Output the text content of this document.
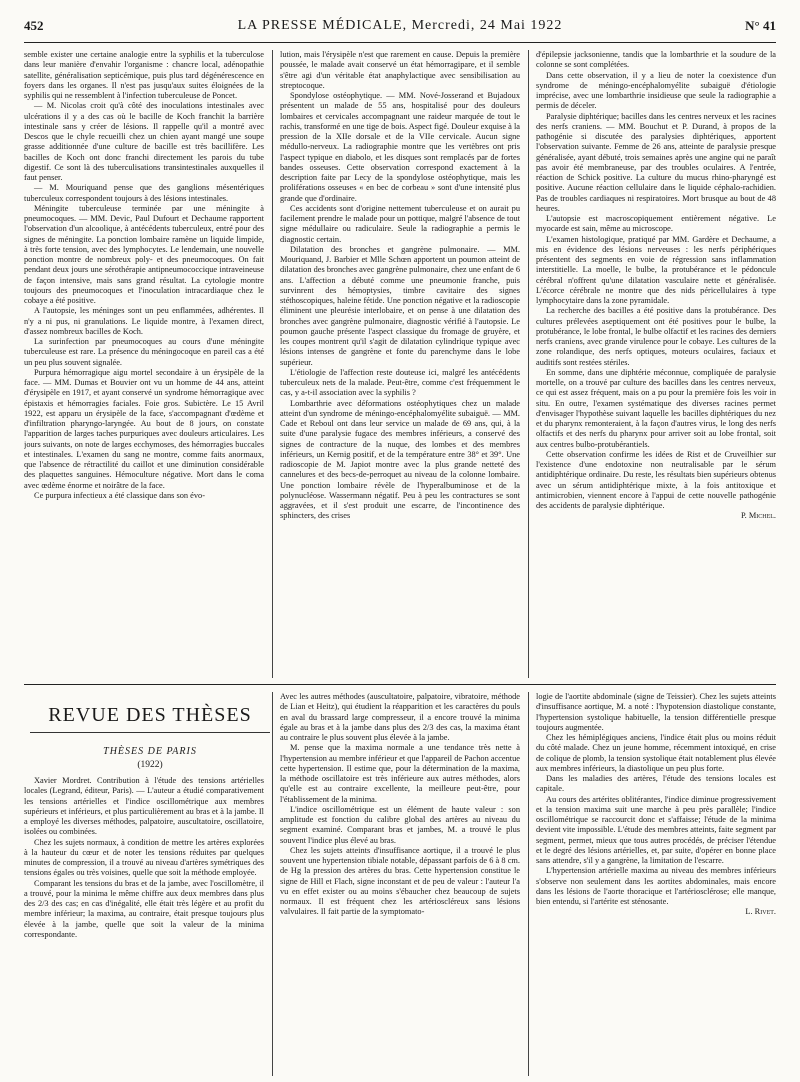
452	LA PRESSE MÉDICALE, Mercredi, 24 Mai 1922	N° 41

semble exister une certaine analogie entre la syphilis et la tuberculose dans leur manière d'envahir l'organisme : chancre local, adénopathie satellite, généralisation septicémique, puis plus tard dégénérescence en foyers dans les organes. Il n'est pas jusqu'aux suites éloignées de la syphilis qui ne ressemblent à l'infection tuberculeuse de Poncet.

— M. Nicolas croit qu'à côté des inoculations intestinales avec ulcérations il y a des cas où le bacille de Koch franchit la barrière intestinale sans y créer de lésions. Il rappelle qu'il a montré avec Descos que le chyle recueilli chez un chien ayant mangé une soupe grasse additionnée d'une culture de bacille est très bacillifère. Les bacilles de Koch ont donc franchi directement les parois du tube digestif. Ce sont là des tuberculisations transintestinales auxquelles il faut penser.

— M. Mouriquand pense que des ganglions mésentériques tuberculeux correspondent toujours à des lésions intestinales.

Méningite tuberculeuse terminée par une méningite à pneumocoques. — MM. Devic, Paul Dufourt et Dechaume rapportent l'observation d'un alcoolique, à antécédents tuberculeux, entré pour des signes de méningite. La ponction lombaire ramène un liquide limpide, à très forte tension, avec des lymphocytes. Le lendemain, une nouvelle ponction montre de nombreux poly- et des pneumocoques. On fait pendant deux jours une sérothérapie antipneumococcique intraveineuse de façon intensive, mais sans grand résultat. La cytologie montre toujours des pneumocoques et l'inoculation intracardiaque chez le cobaye a été positive.

A l'autopsie, les méninges sont un peu enflammées, adhérentes. Il n'y a ni pus, ni granulations. Le liquide montre, à l'examen direct, d'assez nombreux bacilles de Koch.

La surinfection par pneumocoques au cours d'une méningite tuberculeuse est rare. La présence du méningocoque en pareil cas a été un peu plus souvent signalée.

Purpura hémorragique aigu mortel secondaire à un érysipèle de la face. — MM. Dumas et Bouvier ont vu un homme de 44 ans, atteint d'érysipèle en 1917, et ayant conservé un syndrome hémorragique avec épistaxis et hémorragies faciales. Foie gros. Subictère. Le 15 Avril 1922, est apparu un érysipèle de la face, s'accompagnant d'œdème et d'infiltration pharyngo-laryngée. Au bout de 8 jours, on constate l'apparition de larges taches purpuriques avec douleurs articulaires. Les jours suivants, on note de larges ecchymoses, des hémorragies buccales et intestinales. L'examen du sang ne montre, comme faits anormaux, que l'absence de rétractilité du caillot et une diminution considérable des plaquettes sanguines. Hémoculture négative. Mort dans le coma avec œdème énorme et noirâtre de la face.

Ce purpura infectieux a été classique dans son évo-

lution, mais l'érysipèle n'est que rarement en cause. Depuis la première poussée, le malade avait conservé un état hémorragipare, et il semble s'être agi d'un véritable état anaphylactique avec sensibilisation au streptocoque.

Spondylose ostéophytique. — MM. Nové-Josserand et Bujadoux présentent un malade de 55 ans, hospitalisé pour des douleurs lombaires et cervicales accompagnant une raideur marquée de tout le rachis, transformé en une tige de bois. Aspect figé. Douleur exquise à la pression de la XIIe dorsale et de la VIIe cervicale. Aucun signe médullo-nerveux. La radiographie montre que les vertèbres ont pris l'aspect typique en diabolo, et les disques sont remplacés par de fortes bandes osseuses. Cette observation correspond exactement à la description faite par Lecy de la spondylose ostéophytique, mais les proliférations osseuses « en bec de corbeau » sont d'une intensité plus grande que d'ordinaire.

Ces accidents sont d'origine nettement tuberculeuse et on aurait pu facilement prendre le malade pour un pottique, malgré l'absence de tout signe médullaire ou radiculaire. Seule la radiographie a permis le diagnostic certain.

Dilatation des bronches et gangrène pulmonaire. — MM. Mouriquand, J. Barbier et Mlle Schœn apportent un poumon atteint de dilatation des bronches avec gangrène pulmonaire, chez une enfant de 6 ans. L'affection a débuté comme une pneumonie franche, puis survinrent des hémoptysies, timbre cavitaire des signes stéthoscopiques, haleine fétide. Une ponction négative et la radioscopie éliminent une pleurésie interlobaire, et on pense à une dilatation des bronches avec gangrène pulmonaire, diagnostic vérifié à l'autopsie. Le poumon gauche présente l'aspect classique du fromage de gruyère, et les coupes montrent qu'il s'agit de dilatation cylindrique typique avec lésions intenses de gangrène et fonte du parenchyme dans le lobe supérieur.

L'étiologie de l'affection reste douteuse ici, malgré les antécédents tuberculeux nets de la malade. Peut-être, comme c'est fréquemment le cas, y a-t-il association avec la syphilis ?

Lombarthrie avec déformations ostéophytiques chez un malade atteint d'un syndrome de méningo-encéphalomyélite subaiguë. — MM. Cade et Reboul ont dans leur service un malade de 69 ans, qui, à la suite d'une paralysie fugace des membres inférieurs, a conservé des signes de contracture de la nuque, des lombes et des membres inférieurs, un Kernig positif, et de la température entre 38° et 39°. Une radioscopie de M. Japiot montre avec la plus grande netteté des cannelures et des becs-de-perroquet au niveau de la colonne lombaire. Une ponction lombaire révèle de l'hyperalbuminose et de la polynucléose. Wassermann négatif. Peu à peu les contractures se sont aggravées, et il s'est produit une escarre, de l'incontinence des sphincters, des crises

d'épilepsie jacksonienne, tandis que la lombarthrie et la soudure de la colonne se sont complétées.

Dans cette observation, il y a lieu de noter la coexistence d'un syndrome de méningo-encéphalomyélite subaiguë d'étiologie imprécise, avec une lombarthrie insidieuse que seule la radiographie a permis de déceler.

Paralysie diphtérique; bacilles dans les centres nerveux et les racines des nerfs craniens. — MM. Bouchut et P. Durand, à propos de la pathogénie si discutée des paralysies diphtériques, apportent l'observation suivante. Femme de 26 ans, atteinte de paralysie presque généralisée, ayant débuté, trois semaines après une angine qui ne paraît pas avoir été membraneuse, par des troubles oculaires. A l'entrée, réaction de Schick positive. La culture du mucus rhino-pharyngé est positive. Aucune réaction cellulaire dans le liquide céphalo-rachidien. Pas de troubles cardiaques ni respiratoires. Mort brusque au bout de 48 heures.

L'autopsie est macroscopiquement entièrement négative. Le myocarde est sain, même au microscope.

L'examen histologique, pratiqué par MM. Gardère et Dechaume, a mis en évidence des lésions nerveuses : les nerfs périphériques présentent des segments en voie de régression sans inflammation interstitielle. La moelle, le bulbe, la protubérance et le pédoncule cérébral n'offrent qu'une dilatation vasculaire nette et généralisée. L'écorce cérébrale ne montre que des nids péricellulaires à type lymphocytaire dans la zone pyramidale.

La recherche des bacilles a été positive dans la protubérance. Des cultures prélevées aseptiquement ont été positives pour le bulbe, la protubérance, le lobe frontal, le bulbe olfactif et les racines des derniers nerfs craniens, avec grande virulence pour le cobaye. Les cultures de la zone rolandique, des nerfs optiques, moteurs oculaires, faciaux et auditifs sont restées stériles.

En somme, dans une diphtérie méconnue, compliquée de paralysie mortelle, on a trouvé par culture des bacilles dans les centres nerveux, ce qui est assez fréquent, mais on a pu pour la première fois les voir in situ. En outre, l'examen systématique des diverses racines permet d'envisager l'hypothèse suivant laquelle les bacilles diphtériques du nez et du pharynx remonteraient, à la façon d'autres virus, le long des nerfs olfactifs et des nerfs du pharynx pour arriver soit au lobe frontal, soit aux centres bulbo-protubérantiels.

Cette observation confirme les idées de Rist et de Cruveilhier sur l'existence d'une endotoxine non neutralisable par le sérum antidiphtérique ordinaire. Du reste, les résultats bien supérieurs obtenus avec un sérum antidiphtérique mixte, à la fois antitoxique et antimicrobien, viennent encore à l'appui de cette nouvelle pathogénie des accidents de paralysie diphtérique.

P. Michel.

REVUE DES THÈSES
THÈSES DE PARIS
(1922)

Xavier Mordret. Contribution à l'étude des tensions artérielles locales (Legrand, éditeur, Paris). — L'auteur a étudié comparativement les tensions artérielles et l'indice oscillométrique aux membres supérieurs et inférieurs, et plus particulièrement au bras et à la jambe. Il a employé les diverses méthodes, palpatoire, auscultatoire, oscillatoire, isolées ou combinées.

Chez les sujets normaux, à condition de mettre les artères explorées à la hauteur du cœur et de noter les tensions réduites par quelques minutes de compression, il a trouvé au niveau d'artères symétriques des tensions égales ou très voisines, quelle que soit la méthode employée.

Comparant les tensions du bras et de la jambe, avec l'oscillomètre, il a trouvé, pour la minima le même chiffre aux deux membres dans plus des 2/3 des cas; en cas d'inégalité, elle était très légère et au profit du membre inférieur; la maxima, au contraire, était presque toujours plus élevée à la jambe, quelle que soit la valeur de la minima correspondante.

Avec les autres méthodes (auscultatoire, palpatoire, vibratoire, méthode de Lian et Heitz), qui étudient la réapparition et les caractères du pouls en aval du brassard large compresseur, il a encore trouvé la minima égale au bras et à la jambe dans plus des 2/3 des cas, la maxima étant au contraire le plus souvent plus élevée à la jambe.

M. pense que la maxima normale a une tendance très nette à l'hypertension au membre inférieur et que l'appareil de Pachon accentue cette hypertension. Il estime que, pour la détermination de la maxima, la méthode oscillatoire est très inférieure aux autres méthodes, alors qu'elle est au contraire excellente, la meilleure peut-être, pour l'établissement de la minima.

L'indice oscillométrique est un élément de haute valeur : son amplitude est fonction du calibre global des artères au niveau du segment examiné. Comparant bras et jambes, M. a trouvé le plus souvent l'indice plus élevé au bras.

Chez les sujets atteints d'insuffisance aortique, il a trouvé le plus souvent une hypertension tibiale notable, dépassant parfois de 6 à 8 cm. de Hg la pression des artères du bras. Cette hypertension constitue le signe de Hill et Flach, signe inconstant et de peu de valeur : l'auteur l'a vu en effet exister ou au moins s'ébaucher chez beaucoup de sujets normaux. Il est fréquent chez les artérioscléreux sans lésions valvulaires. Il fait partie de la symptomato-

logie de l'aortite abdominale (signe de Teissier). Chez les sujets atteints d'insuffisance aortique, M. a noté : l'hypotension diastolique constante, l'hypertension systolique habituelle, la tension différentielle presque toujours augmentée.

Chez les hémiplégiques anciens, l'indice était plus ou moins réduit du côté malade. Chez un jeune homme, récemment intoxiqué, en crise de colique de plomb, la tension systolique était notablement plus élevée aux membres inférieurs, la diastolique un peu plus forte.

Dans les maladies des artères, l'étude des tensions locales est capitale.

Au cours des artérites oblitérantes, l'indice diminue progressivement et la tension maxima suit une marche à peu près parallèle; l'indice oscillométrique se raccourcit donc et s'affaisse; l'étude de la minima devient vite impossible. L'étude des membres atteints, faite segment par segment, permet, mieux que tous autres procédés, de préciser l'étendue et le degré des lésions artérielles, et, par suite, d'opérer en bonne place sans attendre, s'il y a gangrène, la limitation de l'escarre.

L'hypertension artérielle maxima au niveau des membres inférieurs s'observe non seulement dans les aortites abdominales, mais encore dans les lésions de l'aorte thoracique et l'artériosclérose; elle manque, bien entendu, si l'artérite est sténosante.

L. Rivet.
